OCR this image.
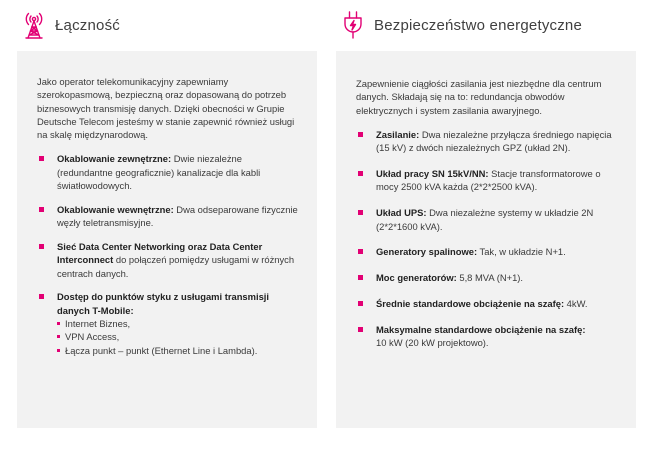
Łączność

Jako operator telekomunikacyjny zapewniamy szerokopasmową, bezpieczną oraz dopasowaną do potrzeb biznesowych transmisję danych. Dzięki obecności w Grupie Deutsche Telecom jesteśmy w stanie zapewnić również usługi na skalę międzynarodową.

Okablowanie zewnętrzne: Dwie niezależne (redundantne geograficznie) kanalizacje dla kabli światłowodowych.
Okablowanie wewnętrzne: Dwa odseparowane fizycznie węzły teletransmisyjne.
Sieć Data Center Networking oraz Data Center Interconnect do połączeń pomiędzy usługami w różnych centrach danych.
Dostęp do punktów styku z usługami transmisji danych T-Mobile:
Internet Biznes,
VPN Access,
Łącza punkt – punkt (Ethernet Line i Lambda).
Bezpieczeństwo energetyczne

Zapewnienie ciągłości zasilania jest niezbędne dla centrum danych. Składają się na to: redundancja obwodów elektrycznych i system zasilania awaryjnego.

Zasilanie: Dwa niezależne przyłącza średniego napięcia (15 kV) z dwóch niezależnych GPZ (układ 2N).
Układ pracy SN 15kV/NN: Stacje transformatorowe o mocy 2500 kVA każda (2*2*2500 kVA).
Układ UPS: Dwa niezależne systemy w układzie 2N (2*2*1600 kVA).
Generatory spalinowe: Tak, w układzie N+1.
Moc generatorów: 5,8 MVA (N+1).
Średnie standardowe obciążenie na szafę: 4kW.
Maksymalne standardowe obciążenie na szafę:
10 kW (20 kW projektowo).
